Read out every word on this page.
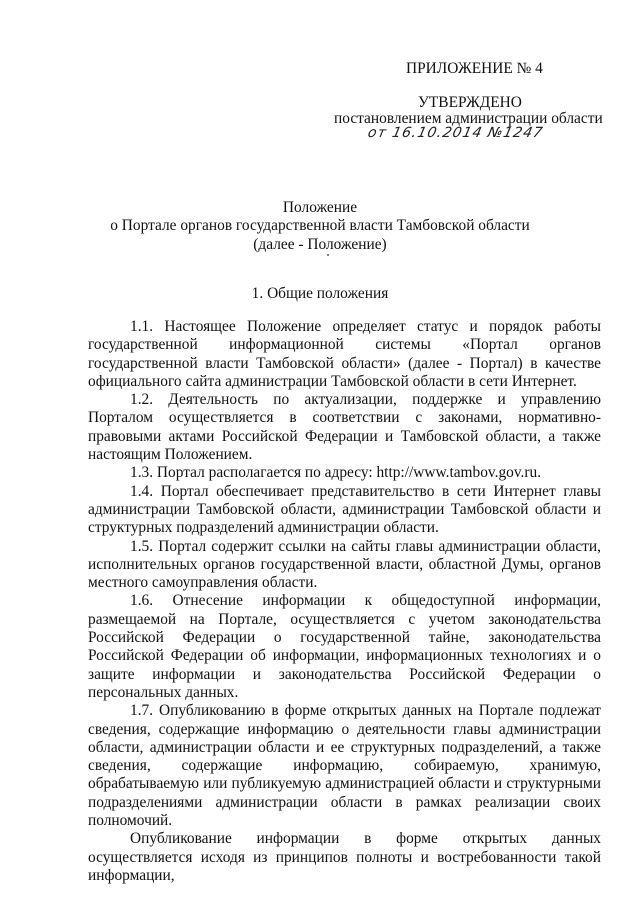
ПРИЛОЖЕНИЕ № 4
УТВЕРЖДЕНО
постановлением администрации области
от 16.10.2014 №1247
Положение
о Портале органов государственной власти Тамбовской области
(далее - Положение)
1. Общие положения

1.1. Настоящее Положение определяет статус и порядок работы государственной информационной системы «Портал органов государственной власти Тамбовской области» (далее - Портал) в качестве официального сайта администрации Тамбовской области в сети Интернет.

1.2. Деятельность по актуализации, поддержке и управлению Порталом осуществляется в соответствии с законами, нормативно-правовыми актами Российской Федерации и Тамбовской области, а также настоящим Положением.

1.3. Портал располагается по адресу: http://www.tambov.gov.ru.

1.4. Портал обеспечивает представительство в сети Интернет главы администрации Тамбовской области, администрации Тамбовской области и структурных подразделений администрации области.

1.5. Портал содержит ссылки на сайты главы администрации области, исполнительных органов государственной власти, областной Думы, органов местного самоуправления области.

1.6. Отнесение информации к общедоступной информации, размещаемой на Портале, осуществляется с учетом законодательства Российской Федерации о государственной тайне, законодательства Российской Федерации об информации, информационных технологиях и о защите информации и законодательства Российской Федерации о персональных данных.

1.7. Опубликованию в форме открытых данных на Портале подлежат сведения, содержащие информацию о деятельности главы администрации области, администрации области и ее структурных подразделений, а также сведения, содержащие информацию, собираемую, хранимую, обрабатываемую или публикуемую администрацией области и структурными подразделениями администрации области в рамках реализации своих полномочий.

Опубликование информации в форме открытых данных осуществляется исходя из принципов полноты и востребованности такой информации,
